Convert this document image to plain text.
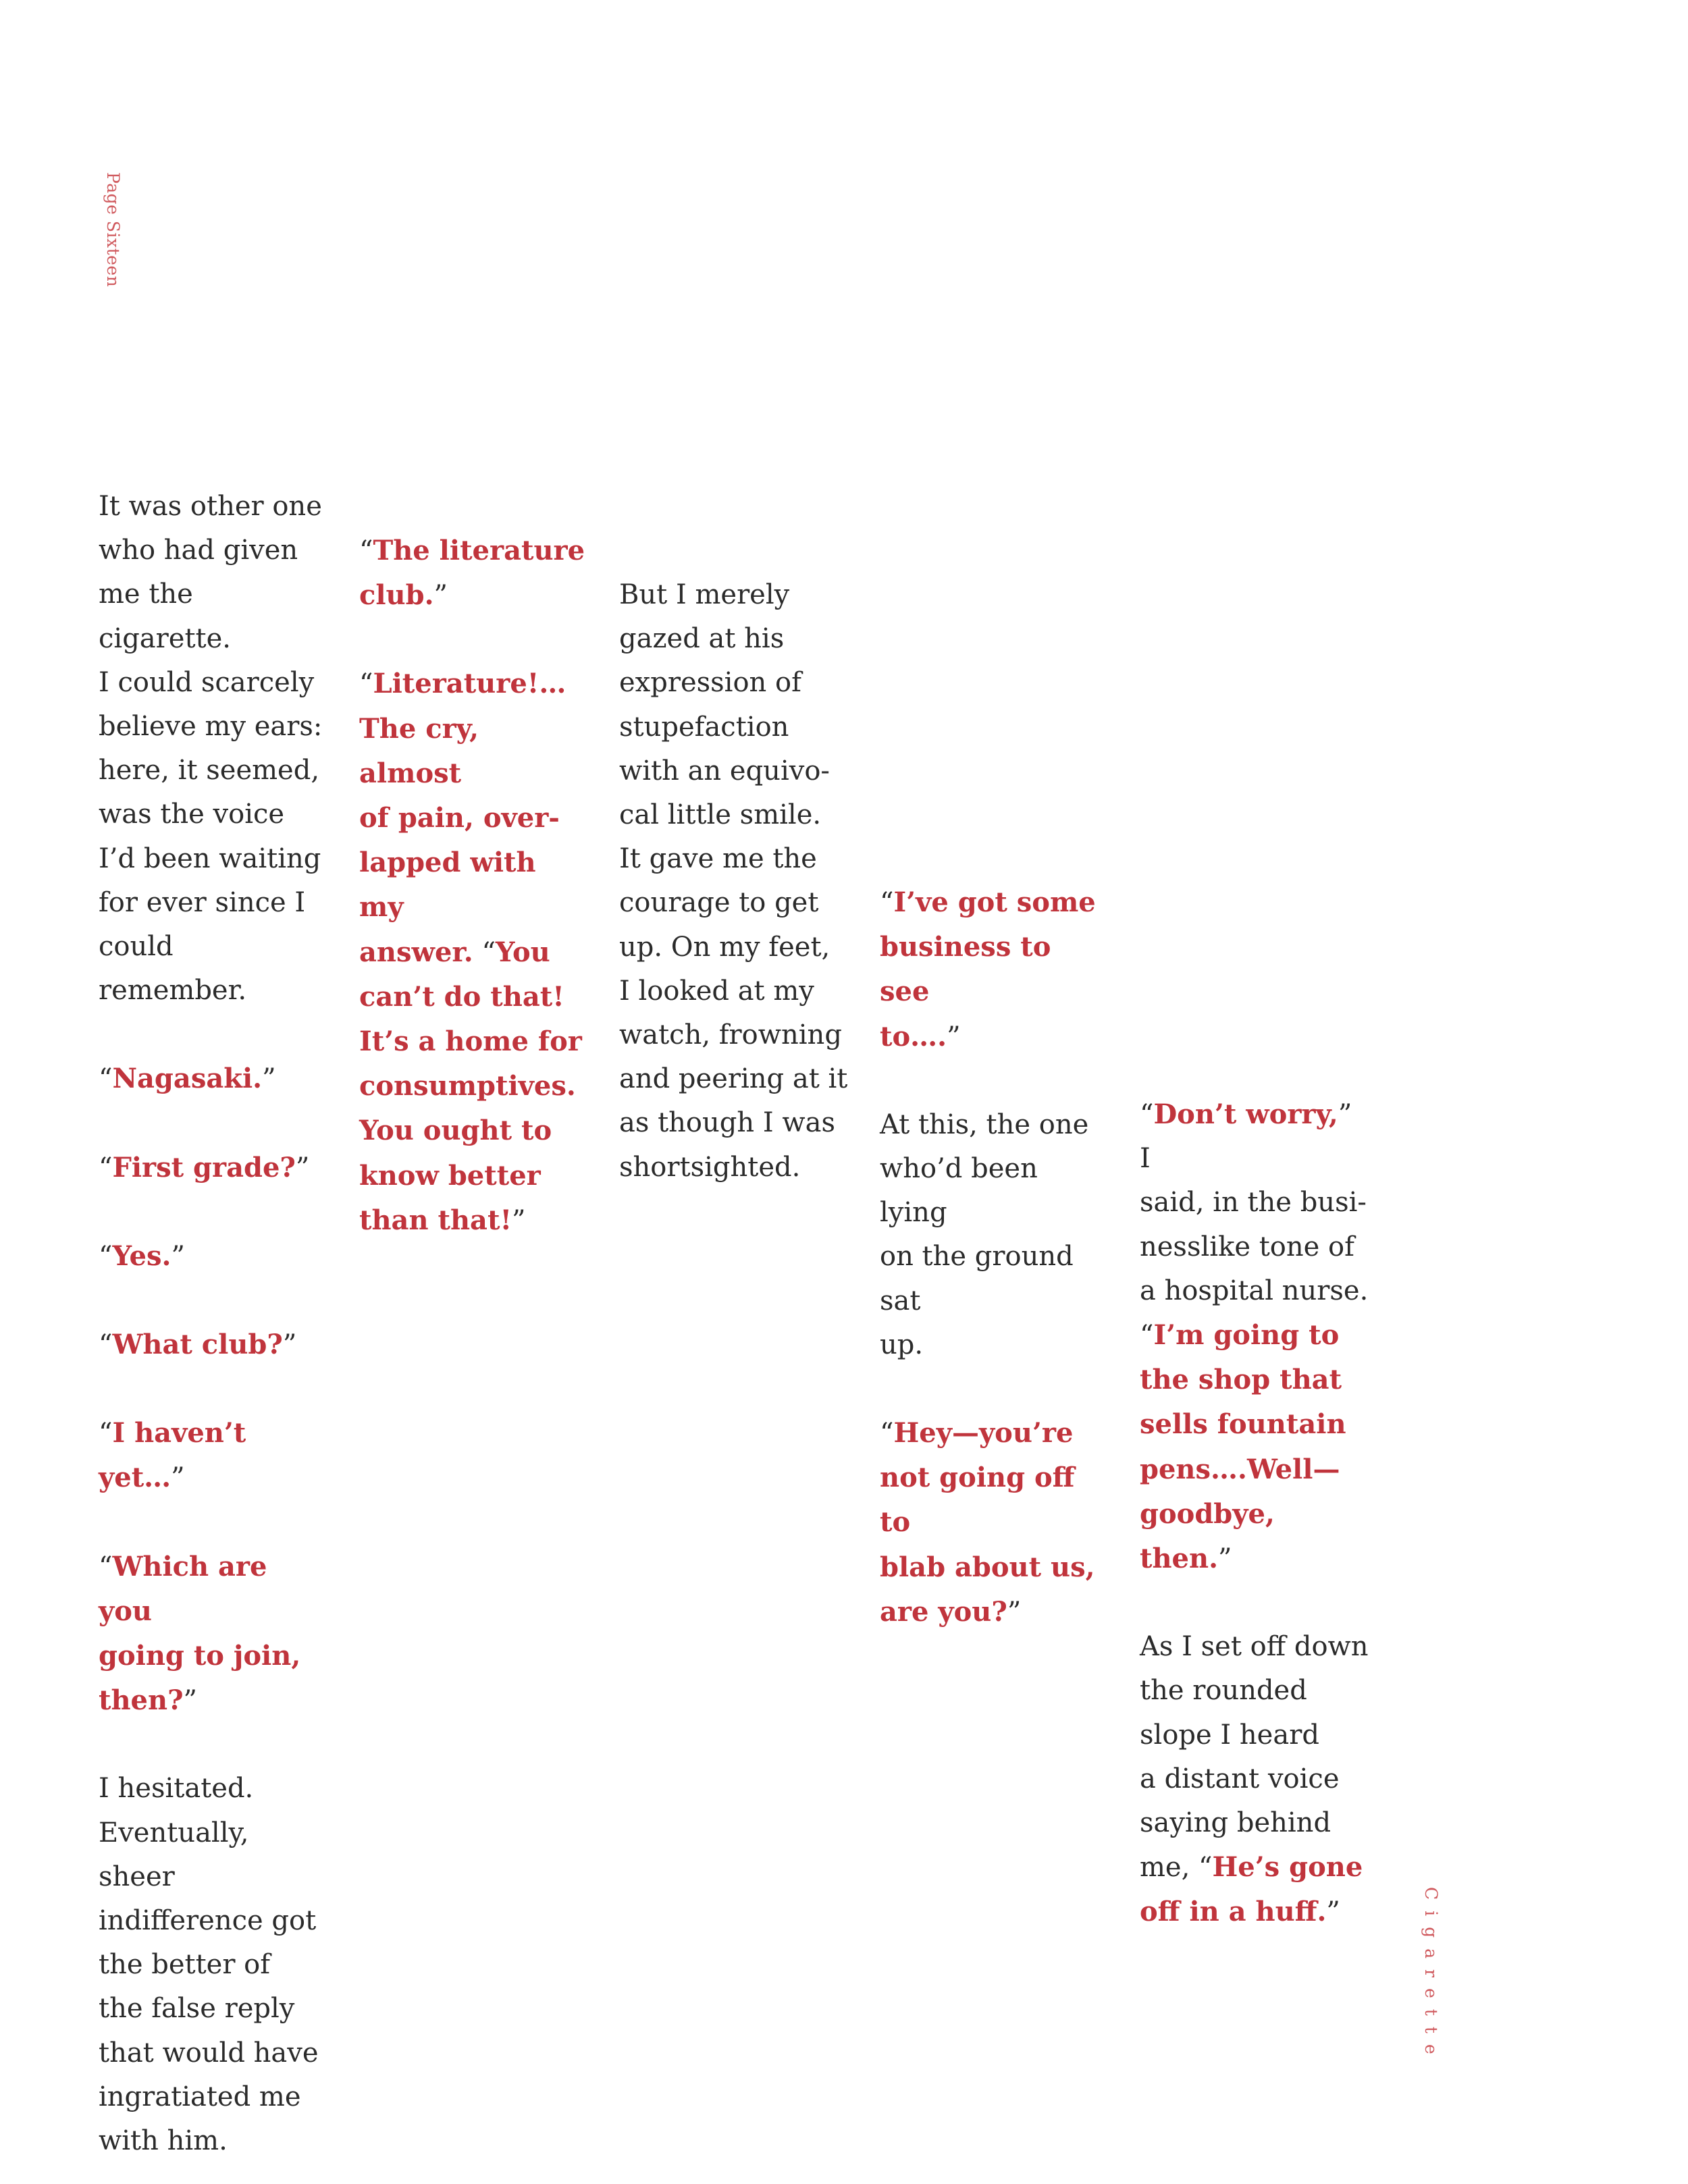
Page Sixteen

It was other one
who had given
me the cigarette.
I could scarcely
believe my ears:
here, it seemed,
was the voice
I’d been waiting
for ever since I
could remember.

“Nagasaki.”

“First grade?”

“Yes.”

“What club?”

“I haven’t yet…”

“Which are you
going to join,
then?”

I hesitated.
Eventually, sheer
indifference got
the better of
the false reply
that would have
ingratiated me
with him.

“The literature
club.”

“Literature!…
The cry, almost
of pain, over-
lapped with my
answer. “You
can’t do that!
It’s a home for
consumptives.
You ought to
know better
than that!”

But I merely
gazed at his
expression of
stupefaction
with an equivo-
cal little smile.
It gave me the
courage to get
up. On my feet,
I looked at my
watch, frowning
and peering at it
as though I was
shortsighted.

“I’ve got some
business to see
to….”

At this, the one
who’d been lying
on the ground sat
up.

“Hey—you’re
not going off to
blab about us,
are you?”

“Don’t worry,” I
said, in the busi-
nesslike tone of
a hospital nurse.
“I’m going to
the shop that
sells fountain
pens….Well—
goodbye, then.”

As I set off down
the rounded
slope I heard
a distant voice
saying behind
me, “He’s gone
off in a huff.”	Cigarette
